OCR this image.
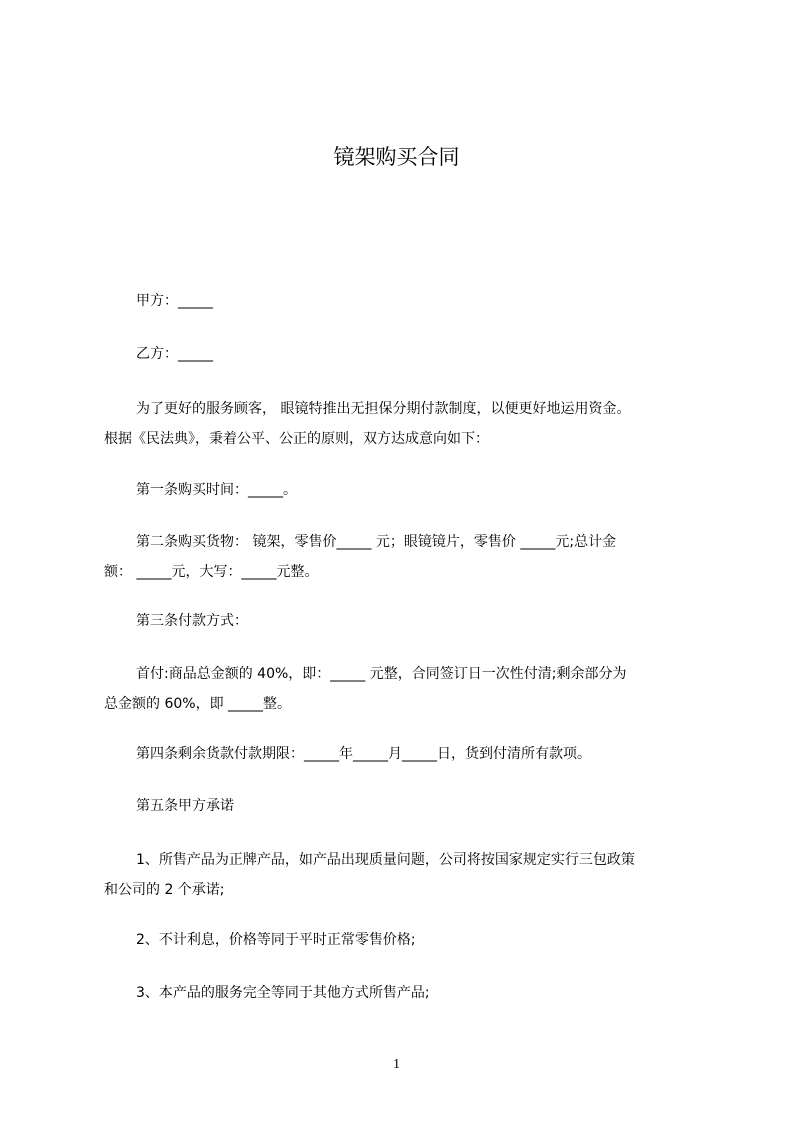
镜架购买合同
甲方：_____
乙方：_____
为了更好的服务顾客， 眼镜特推出无担保分期付款制度，以便更好地运用资金。
根据《民法典》，秉着公平、公正的原则，双方达成意向如下：
第一条购买时间：_____。
第二条购买货物： 镜架，零售价_____ 元；眼镜镜片，零售价 _____元;总计金
额： _____元，大写：_____元整。
第三条付款方式：
首付:商品总金额的 40%，即：_____ 元整，合同签订日一次性付清;剩余部分为
总金额的 60%，即 _____整。
第四条剩余货款付款期限：_____年_____月_____日，货到付清所有款项。
第五条甲方承诺
1、所售产品为正牌产品，如产品出现质量问题，公司将按国家规定实行三包政策
和公司的 2 个承诺;
2、不计利息，价格等同于平时正常零售价格;
3、本产品的服务完全等同于其他方式所售产品;
1
